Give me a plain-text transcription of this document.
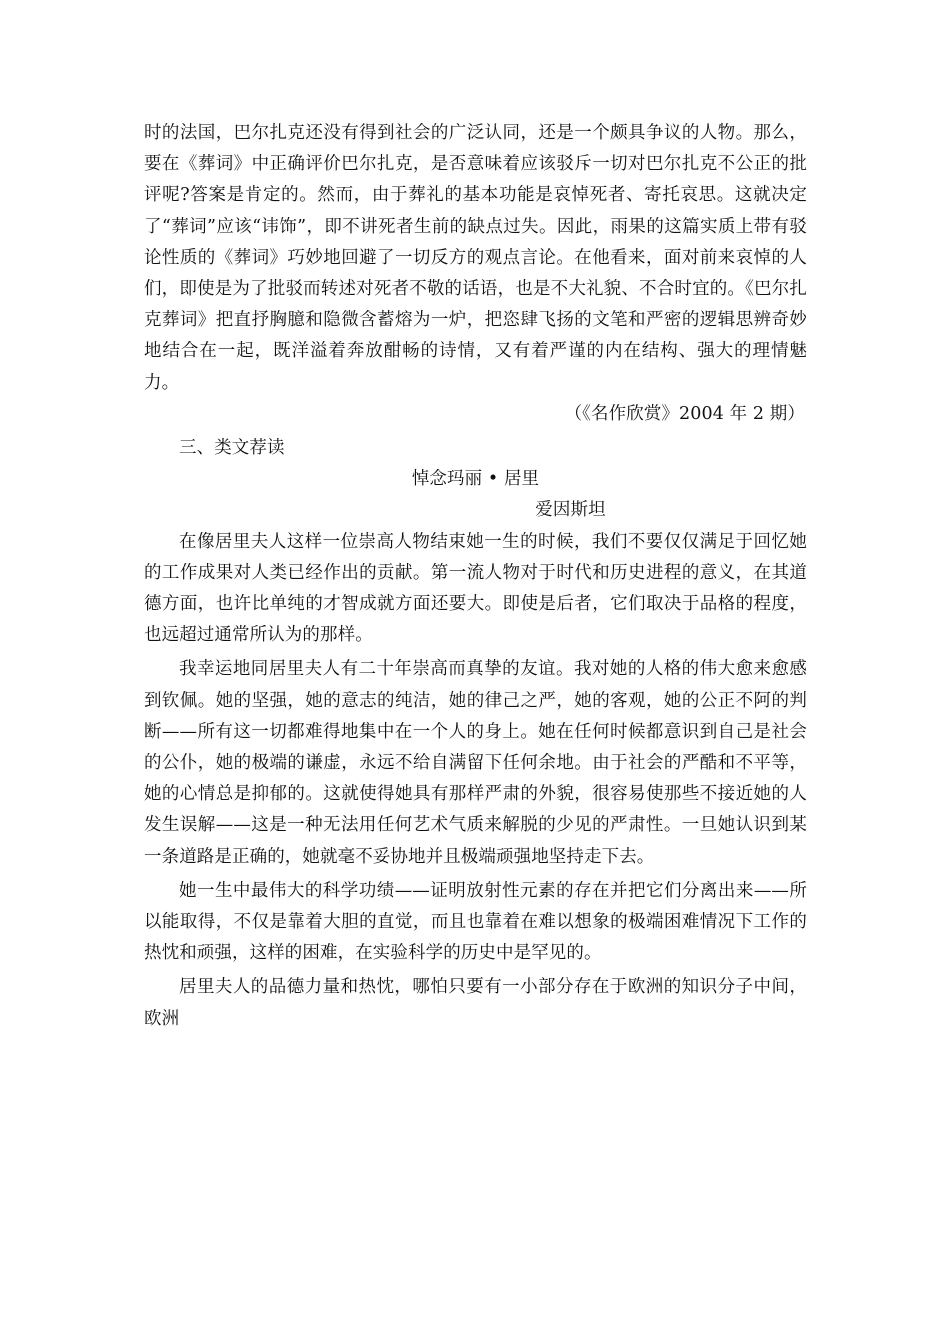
时的法国，巴尔扎克还没有得到社会的广泛认同，还是一个颇具争议的人物。那么，要在《葬词》中正确评价巴尔扎克，是否意味着应该驳斥一切对巴尔扎克不公正的批评呢?答案是肯定的。然而，由于葬礼的基本功能是哀悼死者、寄托哀思。这就决定了“葬词”应该“讳饰”，即不讲死者生前的缺点过失。因此，雨果的这篇实质上带有驳论性质的《葬词》巧妙地回避了一切反方的观点言论。在他看来，面对前来哀悼的人们，即使是为了批驳而转述对死者不敬的话语，也是不大礼貌、不合时宜的。《巴尔扎克葬词》把直抒胸臆和隐微含蓄熔为一炉，把恣肆飞扬的文笔和严密的逻辑思辨奇妙地结合在一起，既洋溢着奔放酣畅的诗情，又有着严谨的内在结构、强大的理情魅力。

（《名作欣赏》2004 年 2 期）

三、类文荐读

悼念玛丽 • 居里

爱因斯坦

在像居里夫人这样一位崇高人物结束她一生的时候，我们不要仅仅满足于回忆她的工作成果对人类已经作出的贡献。第一流人物对于时代和历史进程的意义，在其道德方面，也许比单纯的才智成就方面还要大。即使是后者，它们取决于品格的程度，也远超过通常所认为的那样。

我幸运地同居里夫人有二十年崇高而真挚的友谊。我对她的人格的伟大愈来愈感到钦佩。她的坚强，她的意志的纯洁，她的律己之严，她的客观，她的公正不阿的判断——所有这一切都难得地集中在一个人的身上。她在任何时候都意识到自己是社会的公仆，她的极端的谦虚，永远不给自满留下任何余地。由于社会的严酷和不平等，她的心情总是抑郁的。这就使得她具有那样严肃的外貌，很容易使那些不接近她的人发生误解——这是一种无法用任何艺术气质来解脱的少见的严肃性。一旦她认识到某一条道路是正确的，她就毫不妥协地并且极端顽强地坚持走下去。

她一生中最伟大的科学功绩——证明放射性元素的存在并把它们分离出来——所以能取得，不仅是靠着大胆的直觉，而且也靠着在难以想象的极端困难情况下工作的热忱和顽强，这样的困难，在实验科学的历史中是罕见的。

居里夫人的品德力量和热忱，哪怕只要有一小部分存在于欧洲的知识分子中间，欧洲
